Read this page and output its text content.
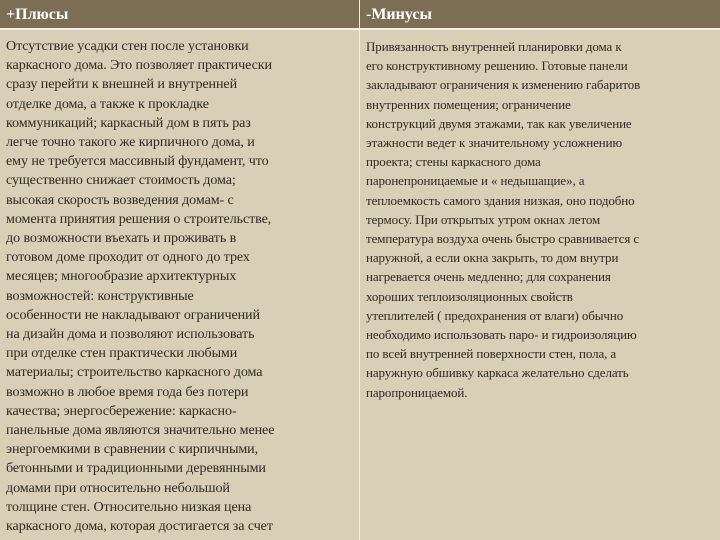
+Плюсы
Отсутствие усадки стен после установки
каркасного дома. Это позволяет практически
сразу перейти к внешней и внутренней
отделке дома, а также к прокладке
коммуникаций; каркасный дом в пять раз
легче точно такого же кирпичного дома, и
ему не требуется массивный фундамент, что
существенно снижает стоимость дома;
высокая скорость возведения домам- с
момента принятия решения о строительстве,
до возможности въехать и проживать в
готовом доме проходит от одного до трех
месяцев; многообразие архитектурных
возможностей: конструктивные
особенности не накладывают ограничений
на дизайн дома и позволяют использовать
при отделке стен практически любыми
материалы; строительство каркасного дома
возможно в любое время года без потери
качества; энергосбережение: каркасно-
панельные дома являются значительно менее
энергоемкими в сравнении с кирпичными,
бетонными и традиционными деревянными
домами при относительно небольшой
толщине стен. Относительно низкая цена
каркасного дома, которая достигается за счет
-Минусы
Привязанность внутренней планировки дома к
его конструктивному решению. Готовые панели
закладывают ограничения к изменению габаритов
внутренних помещения; ограничение
конструкций двумя этажами, так как увеличение
этажности ведет к значительному усложнению
проекта; стены каркасного дома
паронепроницаемые и « недышащие», а
теплоемкость самого здания низкая, оно подобно
термосу. При открытых утром окнах летом
температура воздуха очень быстро сравнивается с
наружной, а если окна закрыть, то дом внутри
нагревается очень медленно; для сохранения
хороших теплоизоляционных свойств
утеплителей ( предохранения от влаги) обычно
необходимо использовать паро- и гидроизоляцию
по всей внутренней поверхности стен, пола, а
наружную обшивку каркаса желательно сделать
паропроницаемой.
